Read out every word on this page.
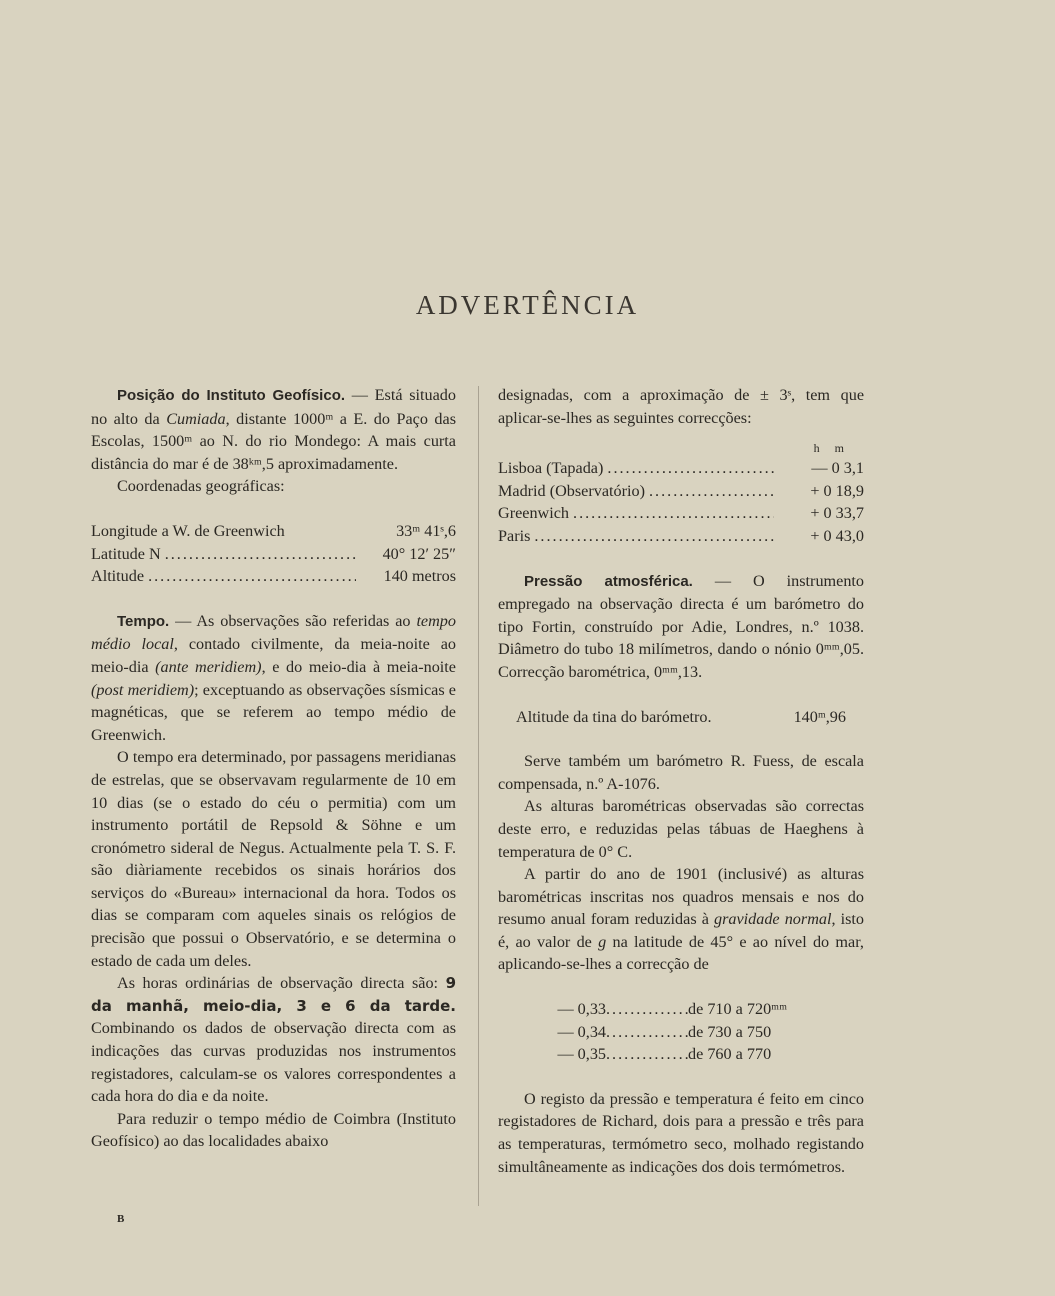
ADVERTÊNCIA

Posição do Instituto Geofísico. — Está situado no alto da Cumiada, distante 1000ᵐ a E. do Paço das Escolas, 1500ᵐ ao N. do rio Mondego: A mais curta distância do mar é de 38ᵏᵐ,5 aproximadamente.

Coordenadas geográficas:

Longitude a W. de Greenwich	33ᵐ 41ˢ,6
Latitude N .....	40° 12′ 25″
Altitude .....	140 metros

Tempo. — As observações são referidas ao tempo médio local, contado civilmente, da meia-noite ao meio-dia (ante meridiem), e do meio-dia à meia-noite (post meridiem); exceptuando as observações sísmicas e magnéticas, que se referem ao tempo médio de Greenwich.

O tempo era determinado, por passagens meridianas de estrelas, que se observavam regularmente de 10 em 10 dias (se o estado do céu o permitia) com um instrumento portátil de Repsold & Söhne e um cronómetro sideral de Negus. Actualmente pela T. S. F. são diàriamente recebidos os sinais horários dos serviços do «Bureau» internacional da hora. Todos os dias se comparam com aqueles sinais os relógios de precisão que possui o Observatório, e se determina o estado de cada um deles.

As horas ordinárias de observação directa são: 9 da manhã, meio-dia, 3 e 6 da tarde. Combinando os dados de observação directa com as indicações das curvas produzidas nos instrumentos registadores, calculam-se os valores correspondentes a cada hora do dia e da noite.

Para reduzir o tempo médio de Coimbra (Instituto Geofísico) ao das localidades abaixo

designadas, com a aproximação de ± 3ˢ, tem que aplicar-se-lhes as seguintes correcções:

h m
Lisboa (Tapada) .....	— 0 3,1
Madrid (Observatório) .....	+ 0 18,9
Greenwich .....	+ 0 33,7
Paris .....	+ 0 43,0

Pressão atmosférica. — O instrumento empregado na observação directa é um barómetro do tipo Fortin, construído por Adie, Londres, n.º 1038. Diâmetro do tubo 18 milímetros, dando o nónio 0ᵐᵐ,05. Correcção barométrica, 0ᵐᵐ,13.

Altitude da tina do barómetro.	140ᵐ,96

Serve também um barómetro R. Fuess, de escala compensada, n.º A-1076.

As alturas barométricas observadas são correctas deste erro, e reduzidas pelas tábuas de Haeghens à temperatura de 0° C.

A partir do ano de 1901 (inclusivé) as alturas barométricas inscritas nos quadros mensais e nos do resumo anual foram reduzidas à gravidade normal, isto é, ao valor de g na latitude de 45° e ao nível do mar, aplicando-se-lhes a correcção de

— 0,33 .....	de 710 a 720ᵐᵐ
— 0,34 .....	de 730 a 750
— 0,35 .....	de 760 a 770

O registo da pressão e temperatura é feito em cinco registadores de Richard, dois para a pressão e três para as temperaturas, termómetro seco, molhado registando simultâneamente as indicações dos dois termómetros.

B
